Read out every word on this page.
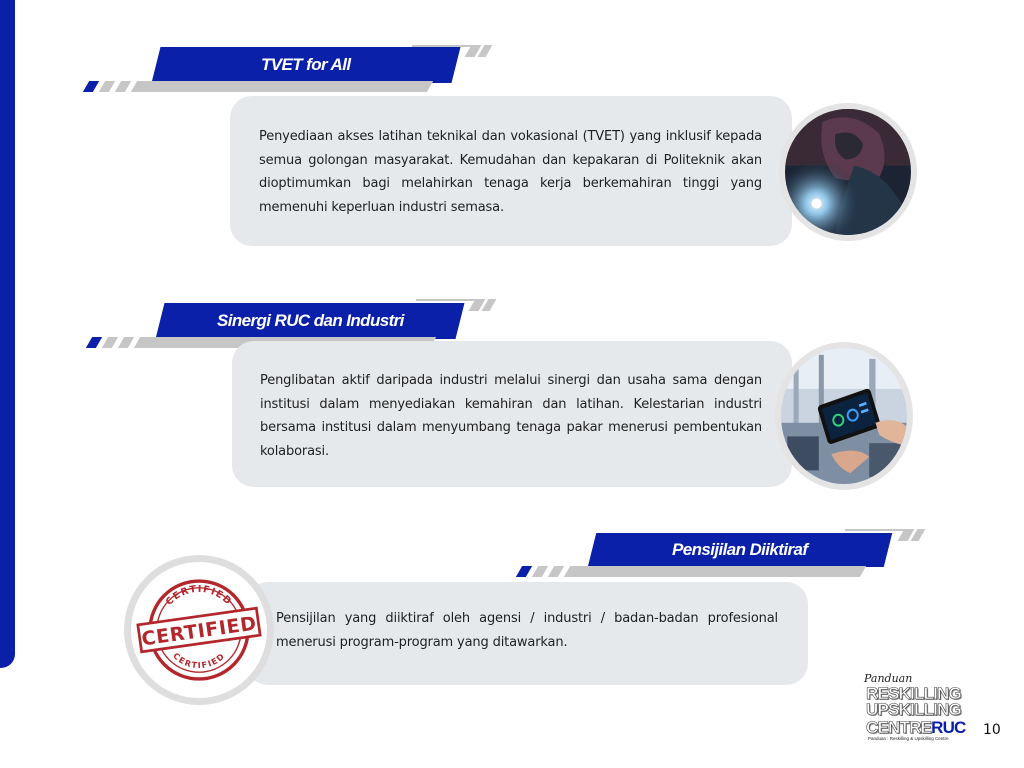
TVET for All

Penyediaan akses latihan teknikal dan vokasional (TVET) yang inklusif kepada semua golongan masyarakat. Kemudahan dan kepakaran di Politeknik akan dioptimumkan bagi melahirkan tenaga kerja berkemahiran tinggi yang memenuhi keperluan industri semasa.

Sinergi RUC dan Industri

Penglibatan aktif daripada industri melalui sinergi dan usaha sama dengan institusi dalam menyediakan kemahiran dan latihan. Kelestarian industri bersama institusi dalam menyumbang tenaga pakar menerusi pembentukan kolaborasi.

Pensijilan Diiktiraf

Pensijilan yang diiktiraf oleh agensi / industri / badan-badan profesional menerusi program-program yang ditawarkan.

CERTIFIED
CERTIFIED
CERTIFIED
Panduan
RESKILLING
UPSKILLING
CENTRERUC
Panduan : Reskilling & Upskilling Centre
10
